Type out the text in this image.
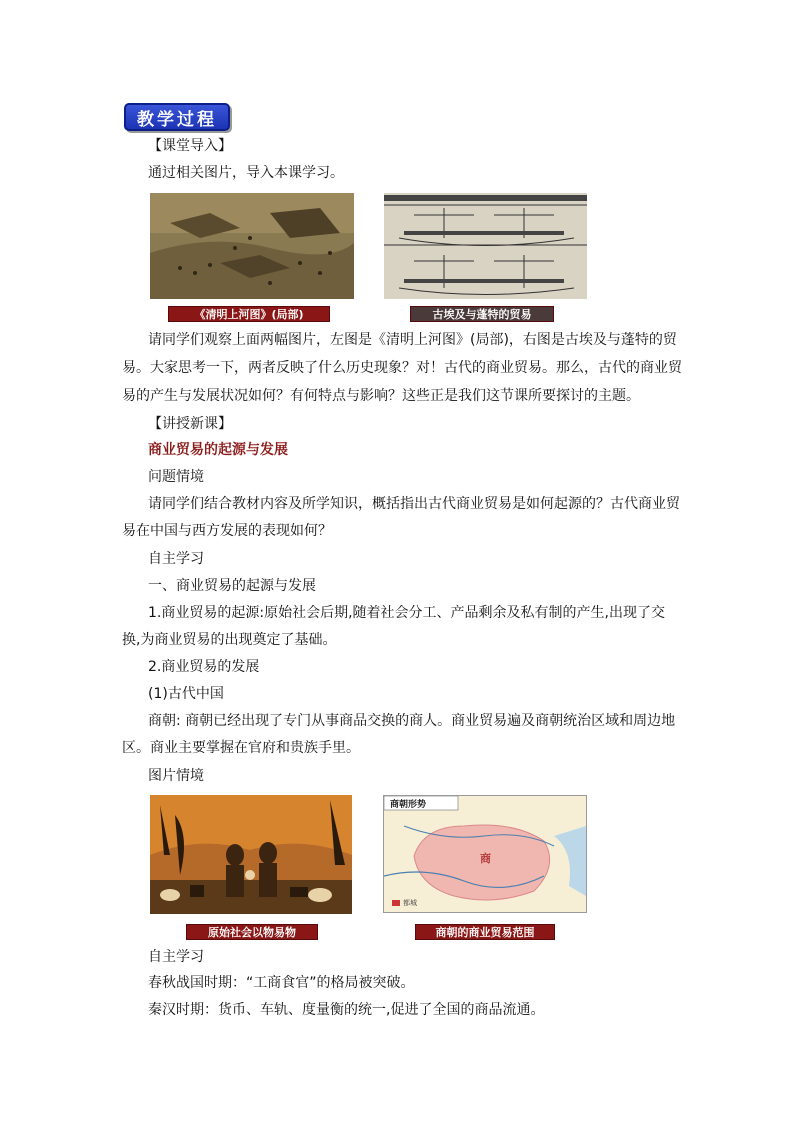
教学过程
【课堂导入】
通过相关图片，导入本课学习。
《清明上河图》(局部)	古埃及与蓬特的贸易
请同学们观察上面两幅图片，左图是《清明上河图》(局部)，右图是古埃及与蓬特的贸
易。大家思考一下，两者反映了什么历史现象？对！古代的商业贸易。那么，古代的商业贸
易的产生与发展状况如何？有何特点与影响？这些正是我们这节课所要探讨的主题。
【讲授新课】
商业贸易的起源与发展
问题情境
请同学们结合教材内容及所学知识，概括指出古代商业贸易是如何起源的？古代商业贸
易在中国与西方发展的表现如何？
自主学习
一、商业贸易的起源与发展
1.商业贸易的起源:原始社会后期,随着社会分工、产品剩余及私有制的产生,出现了交
换,为商业贸易的出现奠定了基础。
2.商业贸易的发展
(1)古代中国
商朝: 商朝已经出现了专门从事商品交换的商人。商业贸易遍及商朝统治区域和周边地
区。商业主要掌握在官府和贵族手里。
图片情境
原始社会以物易物
商朝形势
商
都城
商朝的商业贸易范围
自主学习
春秋战国时期：“工商食官”的格局被突破。
秦汉时期：货币、车轨、度量衡的统一,促进了全国的商品流通。
